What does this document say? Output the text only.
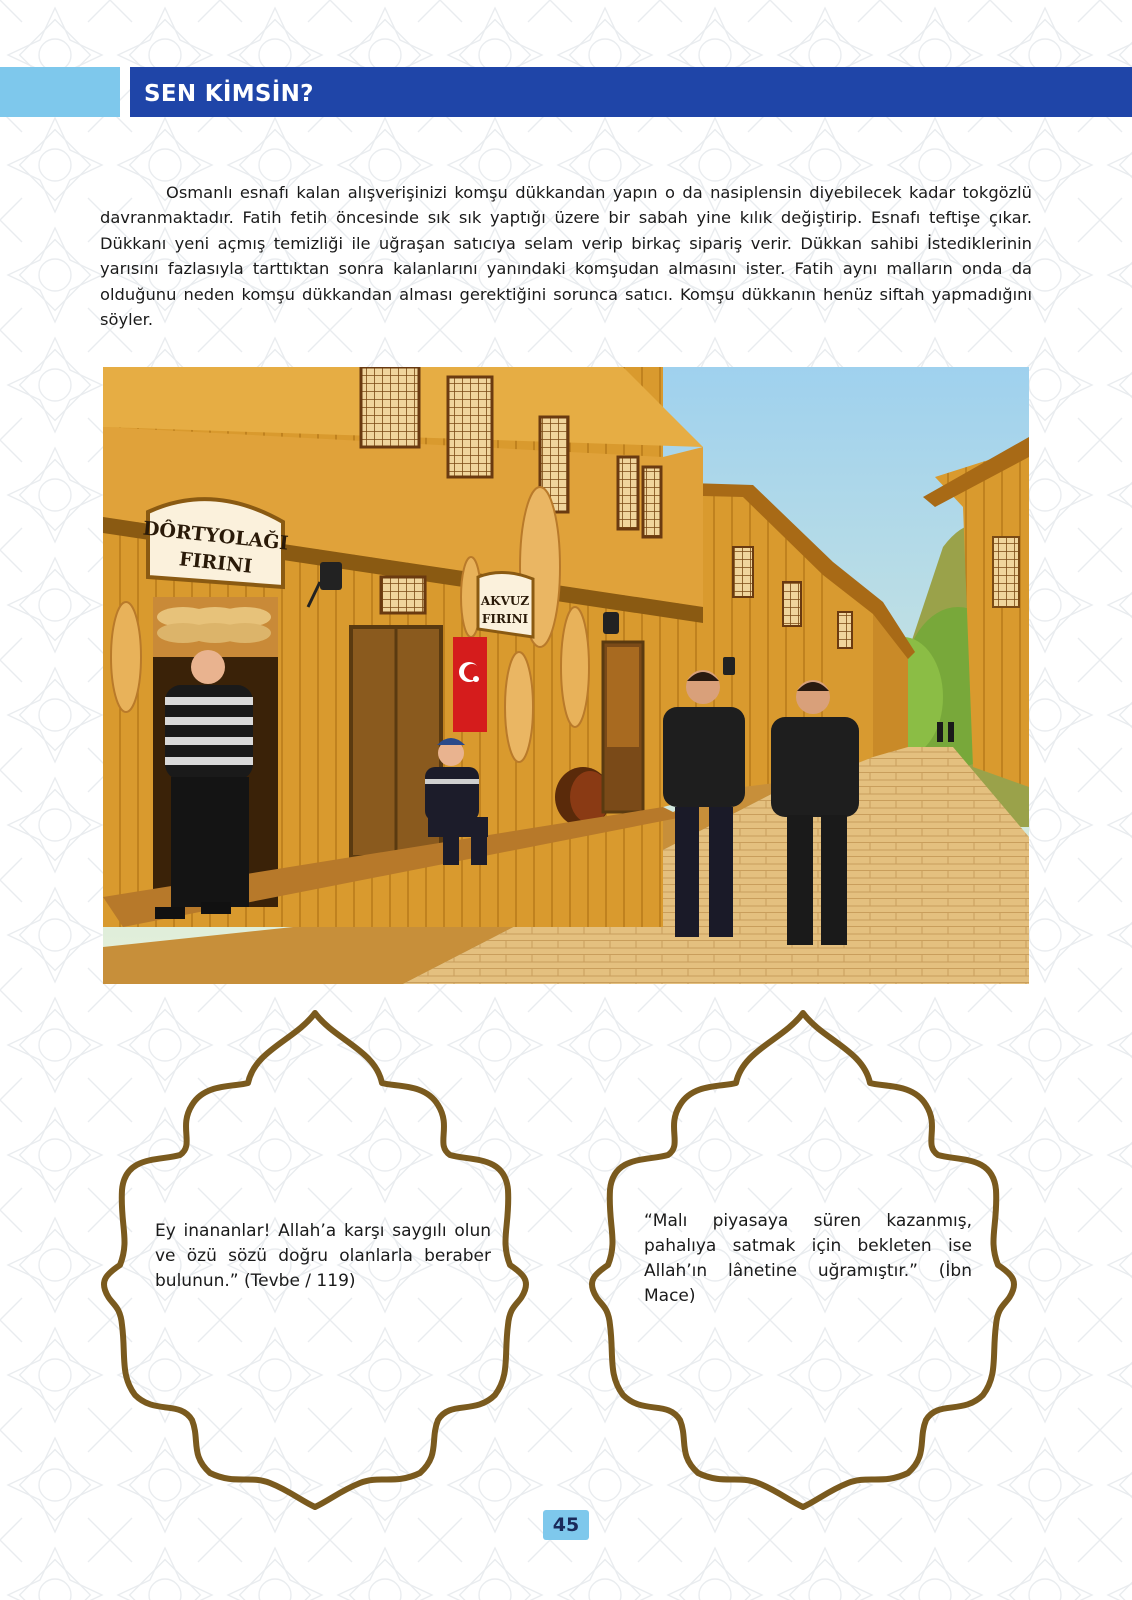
SEN KİMSİN?

Osmanlı esnafı kalan alışverişinizi komşu dükkandan yapın o da nasiplensin diyebilecek kadar tokgözlü davranmaktadır. Fatih fetih öncesinde sık sık yaptığı üzere bir sabah yine kılık değiştirip. Esnafı teftişe çıkar. Dükkanı yeni açmış temizliği ile uğraşan satıcıya selam verip birkaç sipariş verir. Dükkan sahibi İstediklerinin yarısını fazlasıyla tarttıktan sonra kalanlarını yanındaki komşudan almasını ister. Fatih aynı malların onda da olduğunu neden komşu dükkandan alması gerektiğini sorunca satıcı. Komşu dükkanın henüz siftah yapmadığını söyler.

DÔRTYOLAĞI
FIRINI
AKVUZ
FIRINI

Ey inananlar! Allah’a karşı saygılı olun ve özü sözü doğru olanlarla beraber bulunun.” (Tevbe / 119)

“Malı piyasaya süren kazanmış, pahalıya satmak için bekleten ise Allah’ın lânetine uğramıştır.” (İbn Mace)

45
